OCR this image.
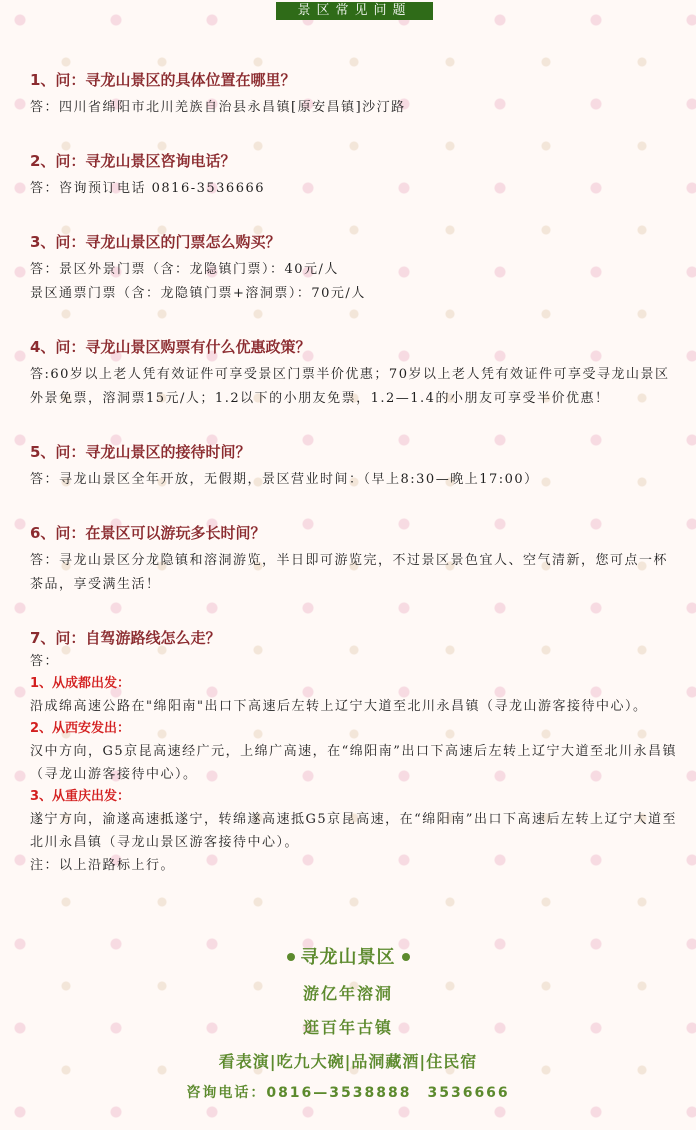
景区常见问题

1、问：寻龙山景区的具体位置在哪里？

答：四川省绵阳市北川羌族自治县永昌镇[原安昌镇]沙汀路

2、问：寻龙山景区咨询电话？

答：咨询预订电话 0816-3536666

3、问：寻龙山景区的门票怎么购买？

答：景区外景门票（含：龙隐镇门票）：40元/人

景区通票门票（含：龙隐镇门票+溶洞票）：70元/人

4、问：寻龙山景区购票有什么优惠政策？

答:60岁以上老人凭有效证件可享受景区门票半价优惠；70岁以上老人凭有效证件可享受寻龙山景区外景免票，溶洞票15元/人；1.2以下的小朋友免票，1.2—1.4的小朋友可享受半价优惠！

5、问：寻龙山景区的接待时间？

答：寻龙山景区全年开放，无假期，景区营业时间：（早上8:30—晚上17:00）

6、问：在景区可以游玩多长时间？

答：寻龙山景区分龙隐镇和溶洞游览，半日即可游览完，不过景区景色宜人、空气清新，您可点一杯茶品，享受满生活！

7、问：自驾游路线怎么走？

答：

1、从成都出发：

沿成绵高速公路在"绵阳南"出口下高速后左转上辽宁大道至北川永昌镇（寻龙山游客接待中心）。

2、从西安发出：

汉中方向，G5京昆高速经广元，上绵广高速，在“绵阳南”出口下高速后左转上辽宁大道至北川永昌镇（寻龙山游客接待中心）。

3、从重庆出发：

遂宁方向，渝遂高速抵遂宁，转绵遂高速抵G5京昆高速，在“绵阳南”出口下高速后左转上辽宁大道至北川永昌镇（寻龙山景区游客接待中心）。

注：以上沿路标上行。

寻龙山景区
游亿年溶洞
逛百年古镇
看表演|吃九大碗|品洞藏酒|住民宿
咨询电话：0816—3538888　3536666
